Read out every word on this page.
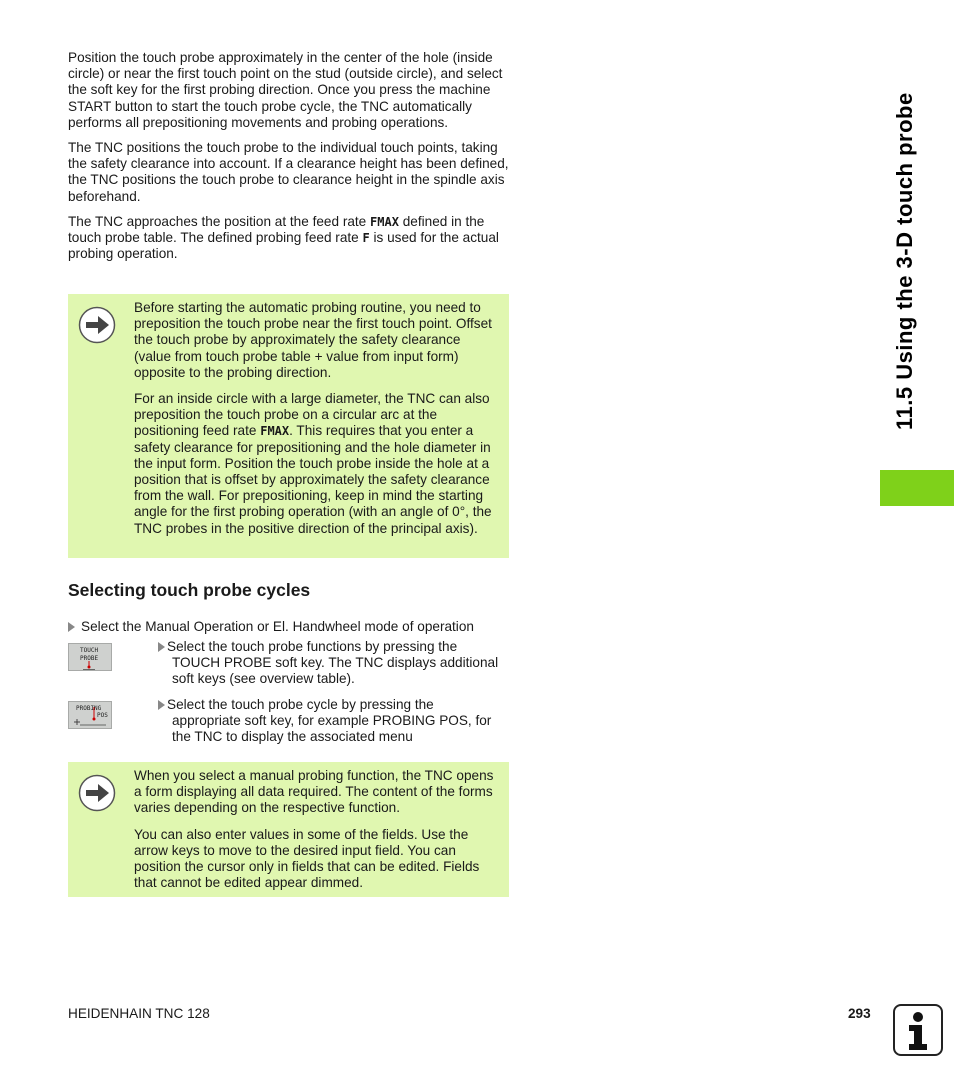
Position the touch probe approximately in the center of the hole (inside circle) or near the first touch point on the stud (outside circle), and select the soft key for the first probing direction. Once you press the machine START button to start the touch probe cycle, the TNC automatically performs all prepositioning movements and probing operations.

The TNC positions the touch probe to the individual touch points, taking the safety clearance into account. If a clearance height has been defined, the TNC positions the touch probe to clearance height in the spindle axis beforehand.

The TNC approaches the position at the feed rate FMAX defined in the touch probe table. The defined probing feed rate F is used for the actual probing operation.

Before starting the automatic probing routine, you need to preposition the touch probe near the first touch point. Offset the touch probe by approximately the safety clearance (value from touch probe table + value from input form) opposite to the probing direction.

For an inside circle with a large diameter, the TNC can also preposition the touch probe on a circular arc at the positioning feed rate FMAX. This requires that you enter a safety clearance for prepositioning and the hole diameter in the input form. Position the touch probe inside the hole at a position that is offset by approximately the safety clearance from the wall. For prepositioning, keep in mind the starting angle for the first probing operation (with an angle of 0°, the TNC probes in the positive direction of the principal axis).

Selecting touch probe cycles
Select the Manual Operation or El. Handwheel mode of operation
TOUCH
PROBE
Select the touch probe functions by pressing the
TOUCH PROBE soft key. The TNC displays additional soft keys (see overview table).
PROBING
POS
Select the touch probe cycle by pressing the
appropriate soft key, for example PROBING POS, for the TNC to display the associated menu

When you select a manual probing function, the TNC opens a form displaying all data required. The content of the forms varies depending on the respective function.

You can also enter values in some of the fields. Use the arrow keys to move to the desired input field. You can position the cursor only in fields that can be edited. Fields that cannot be edited appear dimmed.

11.5 Using the 3-D touch probe
HEIDENHAIN TNC 128	293
